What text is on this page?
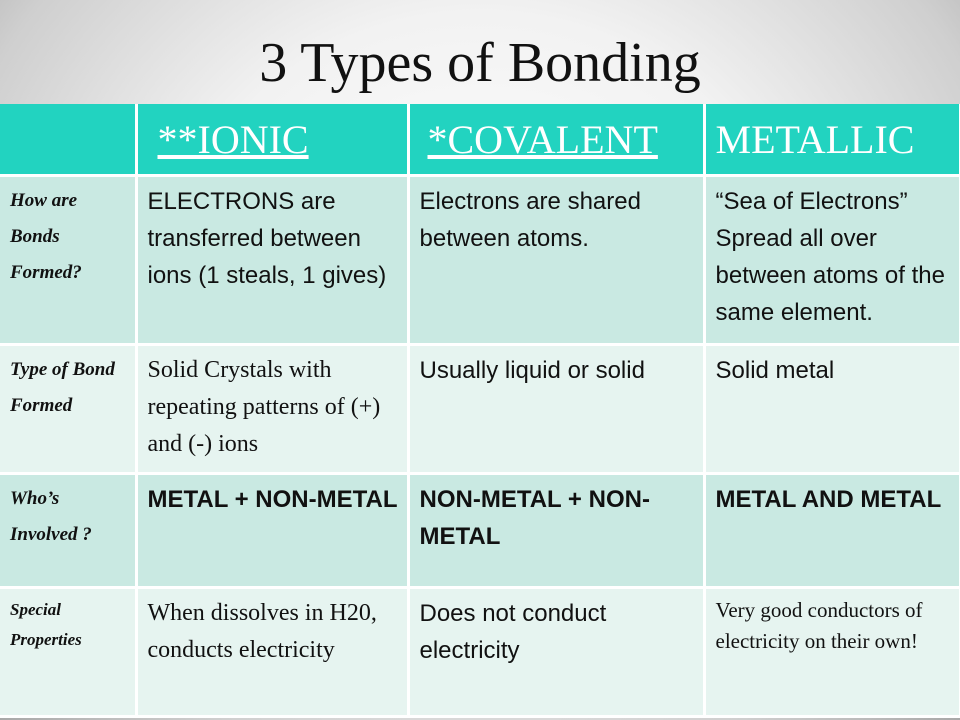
3 Types of Bonding
	**IONIC	*COVALENT	METALLIC
How are Bonds Formed?	ELECTRONS are transferred between ions (1 steals, 1 gives)	Electrons are shared between atoms.	“Sea of Electrons” Spread all over between atoms of the same element.
Type of Bond Formed	Solid Crystals with repeating patterns of (+) and (-) ions	Usually liquid or solid	Solid metal
Who’s Involved ?	METAL + NON-METAL	NON-METAL + NON-METAL	METAL AND METAL
Special Properties	When dissolves in H20, conducts electricity	Does not conduct electricity	Very good conductors of electricity on their own!
